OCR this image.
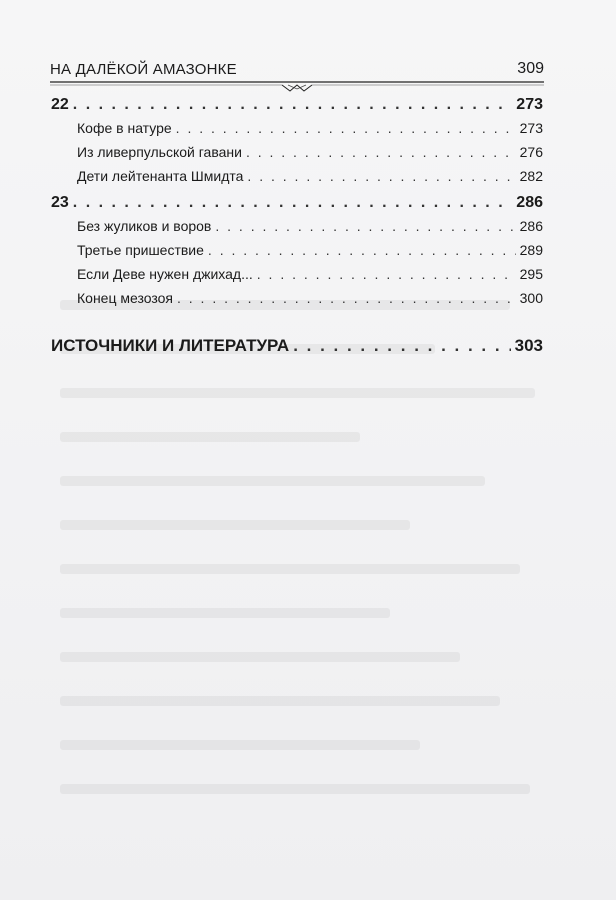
НА ДАЛЁКОЙ АМАЗОНКЕ	309
22 . . .	273
Кофе в натуре . . .	273
Из ливерпульской гавани . . .	276
Дети лейтенанта Шмидта . . .	282
23 . . .	286
Без жуликов и воров . . .	286
Третье пришествие . . .	289
Если Деве нужен джихад... . . .	295
Конец мезозоя . . .	300
ИСТОЧНИКИ И ЛИТЕРАТУРА . . .	303
